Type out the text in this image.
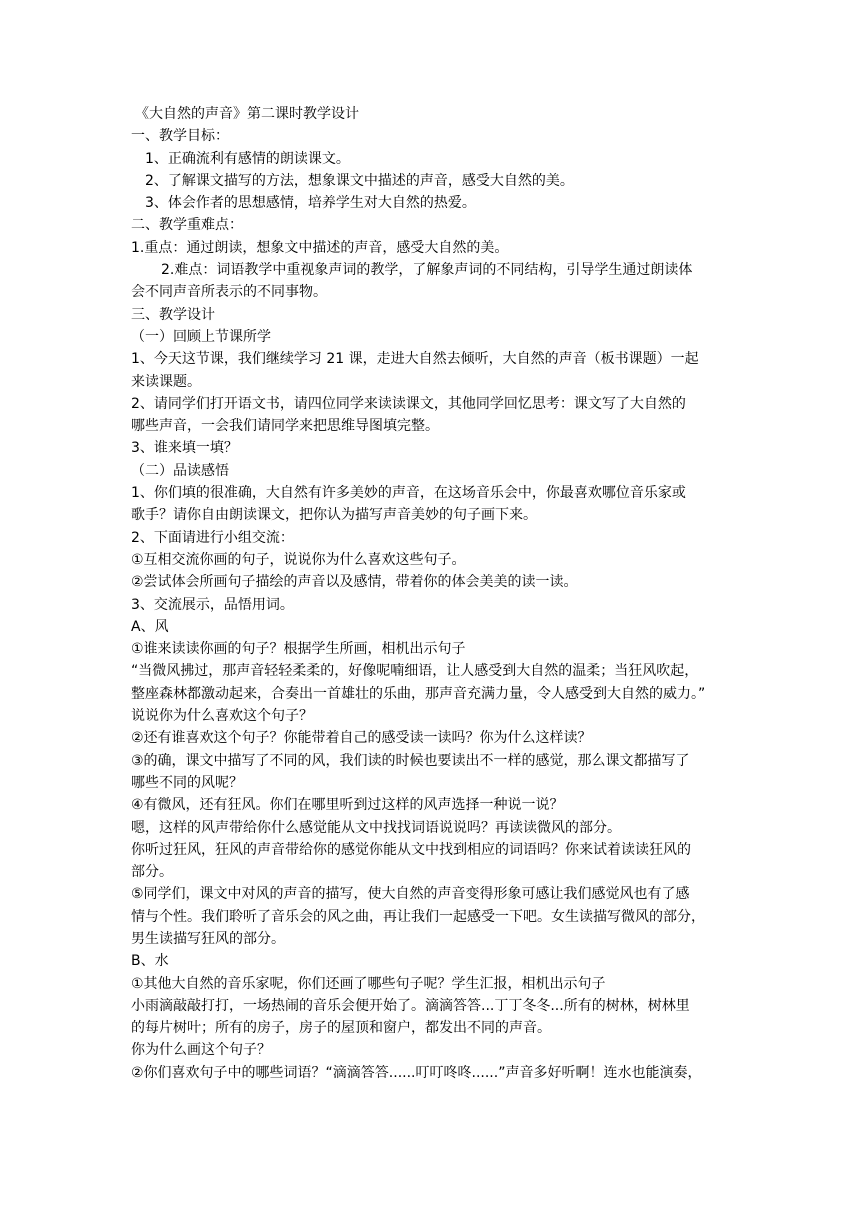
《大自然的声音》第二课时教学设计
一、教学目标：
1、正确流利有感情的朗读课文。
2、了解课文描写的方法，想象课文中描述的声音，感受大自然的美。
3、体会作者的思想感情，培养学生对大自然的热爱。
二、教学重难点：
1.重点：通过朗读，想象文中描述的声音，感受大自然的美。
2.难点：词语教学中重视象声词的教学，了解象声词的不同结构，引导学生通过朗读体
会不同声音所表示的不同事物。
三、教学设计
（一）回顾上节课所学
1、今天这节课，我们继续学习 21 课，走进大自然去倾听，大自然的声音（板书课题）一起
来读课题。
2、请同学们打开语文书，请四位同学来读读课文，其他同学回忆思考：课文写了大自然的
哪些声音，一会我们请同学来把思维导图填完整。
3、谁来填一填？
（二）品读感悟
1、你们填的很准确，大自然有许多美妙的声音，在这场音乐会中，你最喜欢哪位音乐家或
歌手？请你自由朗读课文，把你认为描写声音美妙的句子画下来。
2、下面请进行小组交流：
①互相交流你画的句子，说说你为什么喜欢这些句子。
②尝试体会所画句子描绘的声音以及感情，带着你的体会美美的读一读。
3、交流展示，品悟用词。
A、风
①谁来读读你画的句子？根据学生所画，相机出示句子
“当微风拂过，那声音轻轻柔柔的，好像呢喃细语，让人感受到大自然的温柔；当狂风吹起，
整座森林都激动起来，合奏出一首雄壮的乐曲，那声音充满力量，令人感受到大自然的威力。”
说说你为什么喜欢这个句子？
②还有谁喜欢这个句子？你能带着自己的感受读一读吗？你为什么这样读？
③的确，课文中描写了不同的风，我们读的时候也要读出不一样的感觉，那么课文都描写了
哪些不同的风呢？
④有微风，还有狂风。你们在哪里听到过这样的风声选择一种说一说？
嗯，这样的风声带给你什么感觉能从文中找找词语说说吗？再读读微风的部分。
你听过狂风，狂风的声音带给你的感觉你能从文中找到相应的词语吗？你来试着读读狂风的
部分。
⑤同学们，课文中对风的声音的描写，使大自然的声音变得形象可感让我们感觉风也有了感
情与个性。我们聆听了音乐会的风之曲，再让我们一起感受一下吧。女生读描写微风的部分，
男生读描写狂风的部分。
B、水
①其他大自然的音乐家呢，你们还画了哪些句子呢？学生汇报，相机出示句子
小雨滴敲敲打打，一场热闹的音乐会便开始了。滴滴答答...丁丁冬冬...所有的树林，树林里
的每片树叶；所有的房子，房子的屋顶和窗户，都发出不同的声音。
你为什么画这个句子？
②你们喜欢句子中的哪些词语？“滴滴答答......叮叮咚咚......”声音多好听啊！连水也能演奏，
